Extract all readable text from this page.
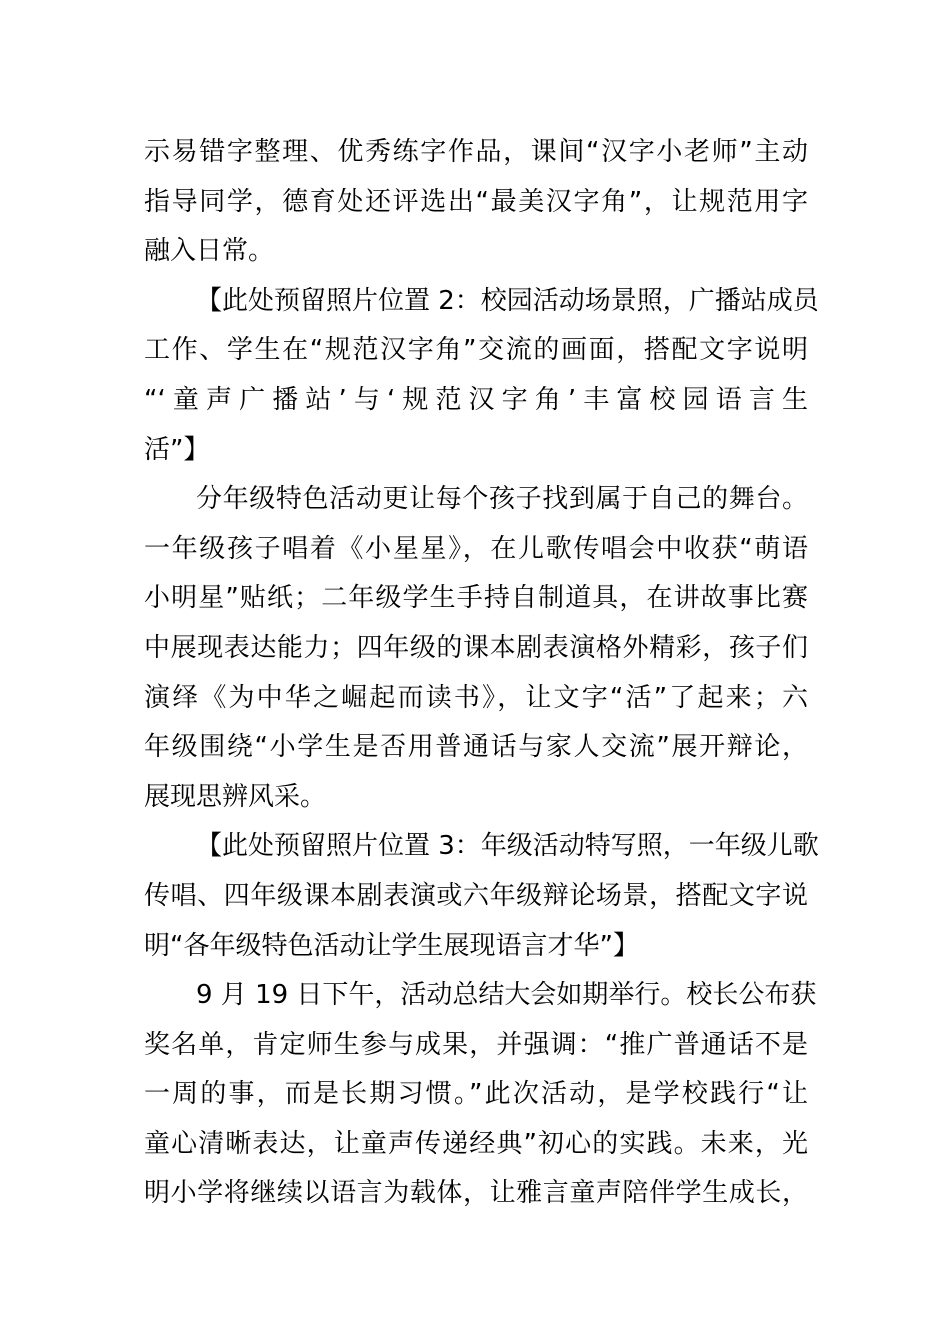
示易错字整理、优秀练字作品，课间“汉字小老师”主动
指导同学，德育处还评选出“最美汉字角”，让规范用字
融入日常。
【此处预留照片位置 2：校园活动场景照，广播站成员
工作、学生在“规范汉字角”交流的画面，搭配文字说明
“‘童声广播站’与‘规范汉字角’丰富校园语言生
活”】
分年级特色活动更让每个孩子找到属于自己的舞台。
一年级孩子唱着《小星星》，在儿歌传唱会中收获“萌语
小明星”贴纸；二年级学生手持自制道具，在讲故事比赛
中展现表达能力；四年级的课本剧表演格外精彩，孩子们
演绎《为中华之崛起而读书》，让文字“活”了起来；六
年级围绕“小学生是否用普通话与家人交流”展开辩论，
展现思辨风采。
【此处预留照片位置 3：年级活动特写照，一年级儿歌
传唱、四年级课本剧表演或六年级辩论场景，搭配文字说
明“各年级特色活动让学生展现语言才华”】
9 月 19 日下午，活动总结大会如期举行。校长公布获
奖名单，肯定师生参与成果，并强调：“推广普通话不是
一周的事，而是长期习惯。”此次活动，是学校践行“让
童心清晰表达，让童声传递经典”初心的实践。未来，光
明小学将继续以语言为载体，让雅言童声陪伴学生成长，
